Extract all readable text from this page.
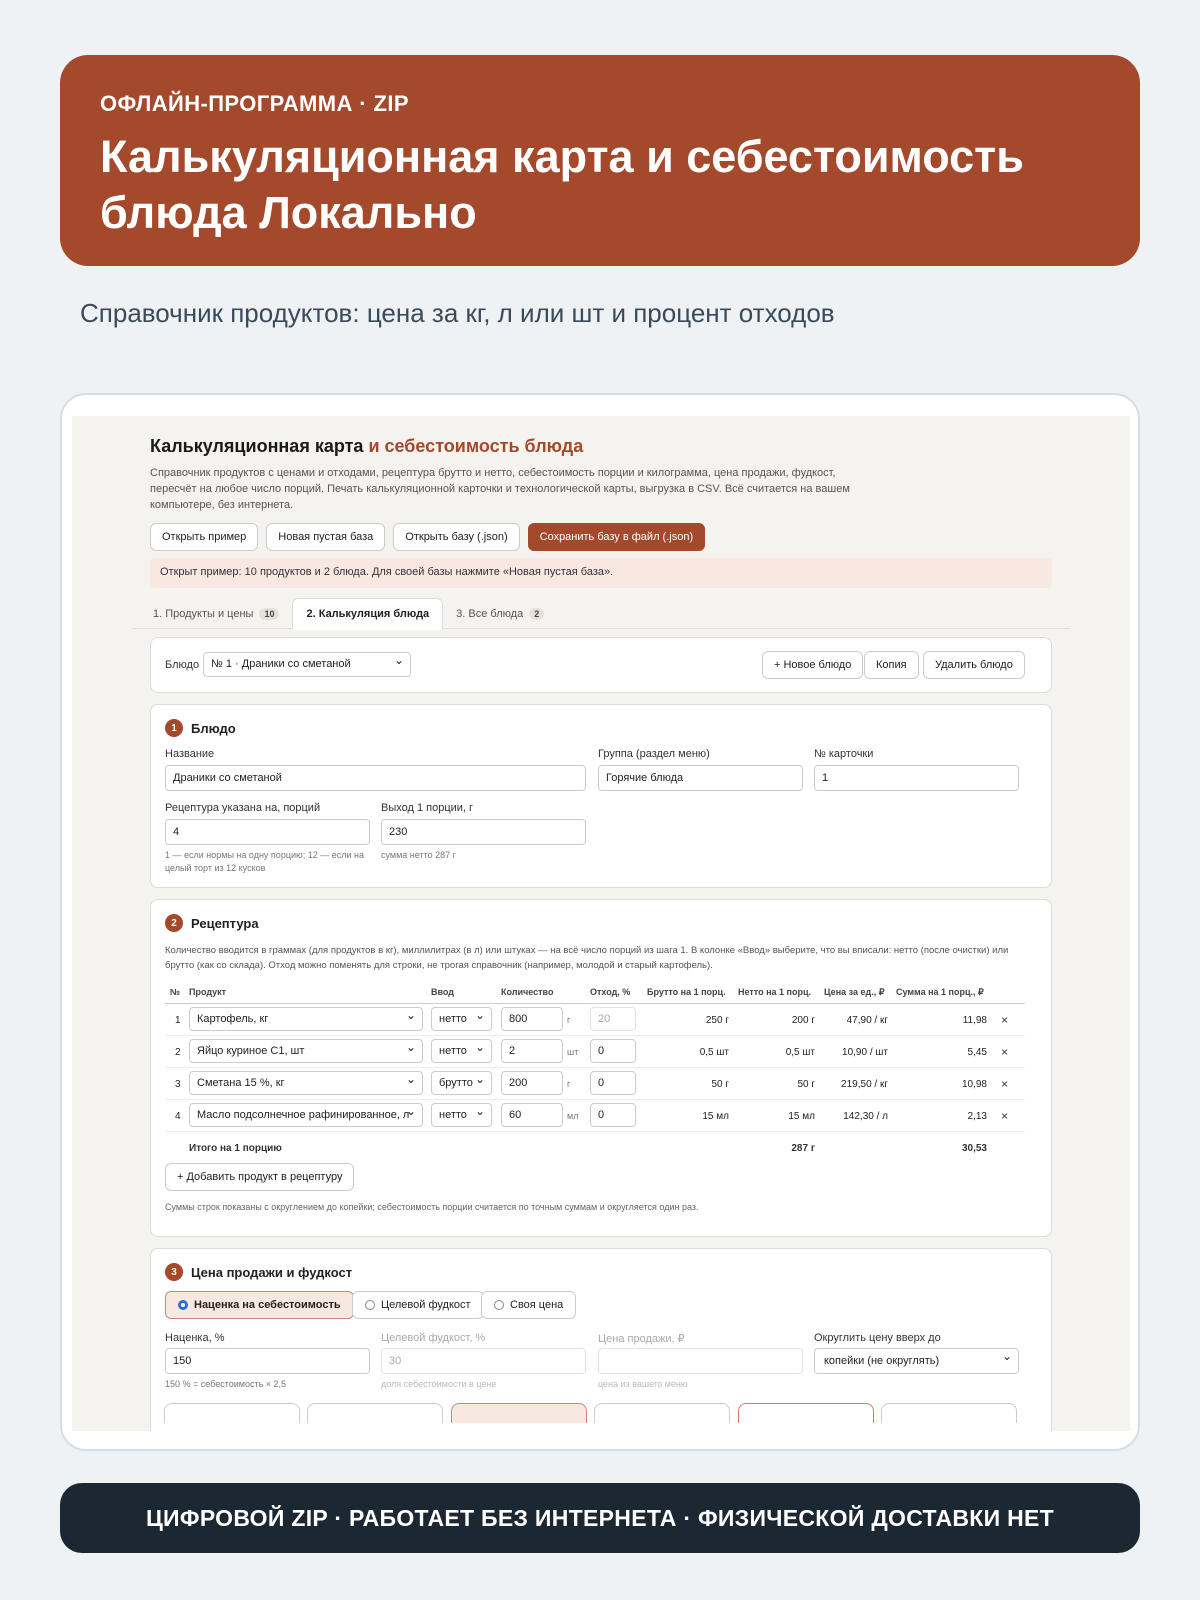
ОФЛАЙН-ПРОГРАММА · ZIP
Калькуляционная карта и себестоимость блюда Локально
Справочник продуктов: цена за кг, л или шт и процент отходов
Калькуляционная карта и себестоимость блюда
Справочник продуктов с ценами и отходами, рецептура брутто и нетто, себестоимость порции и килограмма, цена продажи, фудкост, пересчёт на любое число порций. Печать калькуляционной карточки и технологической карты, выгрузка в CSV. Всё считается на вашем компьютере, без интернета.
Открыть пример	Новая пустая база	Открыть базу (.json)	Сохранить базу в файл (.json)
Открыт пример: 10 продуктов и 2 блюда. Для своей базы нажмите «Новая пустая база».
1. Продукты и цены	10	2. Калькуляция блюда 3. Все блюда	2
Блюдо	№ 1 · Драники со сметаной ⌄	+ Новое блюдо	Копия	Удалить блюдо
1	Блюдо
Название
Драники со сметаной
Группа (раздел меню)
Горячие блюда
№ карточки
1
Рецептура указана на, порций
4
1 — если нормы на одну порцию; 12 — если на целый торт из 12 кусков
Выход 1 порции, г
230
сумма нетто 287 г
2	Рецептура
Количество вводится в граммах (для продуктов в кг), миллилитрах (в л) или штуках — на всё число порций из шага 1. В колонке «Ввод» выберите, что вы вписали: нетто (после очистки) или брутто (как со склада). Отход можно поменять для строки, не трогая справочник (например, молодой и старый картофель).
№ Продукт	Ввод	Количество	Отход, % Брутто на 1 порц. Нетто на 1 порц. Цена за ед., ₽ Сумма на 1 порц., ₽
1	Картофель, кг ⌄	нетто ⌄	800	г	20	250 г	200 г	47,90 / кг	11,98 ×
2	Яйцо куриное С1, шт ⌄	нетто ⌄	2	шт	0	0,5 шт	0,5 шт	10,90 / шт	5,45 ×
3	Сметана 15 %, кг ⌄	брутто ⌄	200	г	0	50 г	50 г	219,50 / кг	10,98 ×
4	Масло подсолнечное рафинированное, л ⌄	нетто ⌄	60	мл	0	15 мл	15 мл	142,30 / л	2,13 ×
Итого на 1 порцию	287 г	30,53
+ Добавить продукт в рецептуру
Суммы строк показаны с округлением до копейки; себестоимость порции считается по точным суммам и округляется один раз.
3	Цена продажи и фудкост
Наценка на себестоимость	Целевой фудкост	Своя цена
Наценка, %
150
150 % = себестоимость × 2,5
Целевой фудкост, %
30
доля себестоимости в цене
Цена продажи, ₽
цена из вашего меню
Округлить цену вверх до
копейки (не округлять) ⌄
ЦИФРОВОЙ ZIP · РАБОТАЕТ БЕЗ ИНТЕРНЕТА · ФИЗИЧЕСКОЙ ДОСТАВКИ НЕТ
